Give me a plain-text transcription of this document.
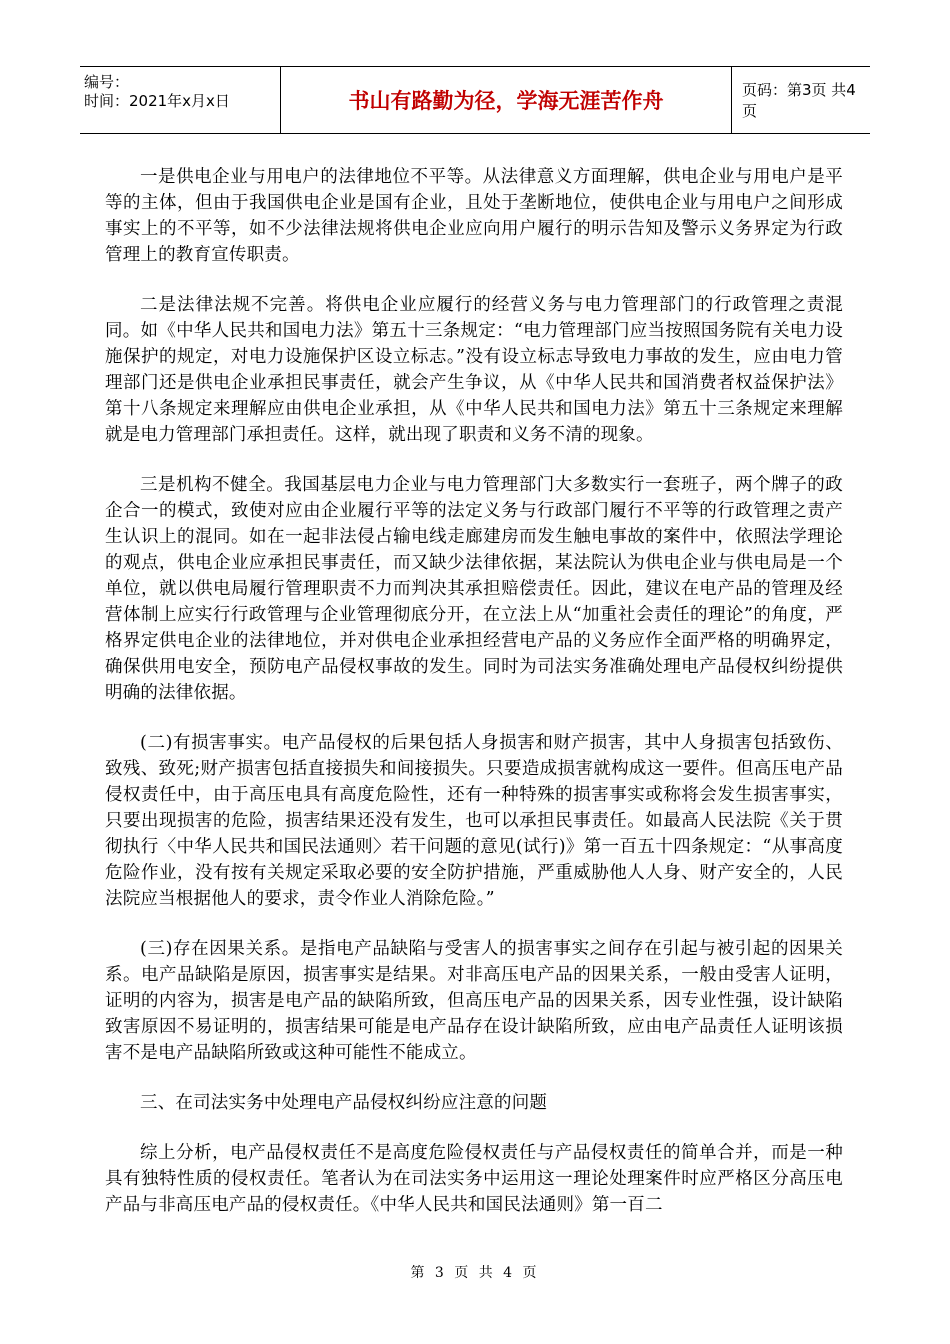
编号：
时间：2021年x月x日	书山有路勤为径，学海无涯苦作舟	页码：第3页 共4页

一是供电企业与用电户的法律地位不平等。从法律意义方面理解，供电企业与用电户是平等的主体，但由于我国供电企业是国有企业，且处于垄断地位，使供电企业与用电户之间形成事实上的不平等，如不少法律法规将供电企业应向用户履行的明示告知及警示义务界定为行政管理上的教育宣传职责。

二是法律法规不完善。将供电企业应履行的经营义务与电力管理部门的行政管理之责混同。如《中华人民共和国电力法》第五十三条规定：“电力管理部门应当按照国务院有关电力设施保护的规定，对电力设施保护区设立标志。”没有设立标志导致电力事故的发生，应由电力管理部门还是供电企业承担民事责任，就会产生争议，从《中华人民共和国消费者权益保护法》第十八条规定来理解应由供电企业承担，从《中华人民共和国电力法》第五十三条规定来理解就是电力管理部门承担责任。这样，就出现了职责和义务不清的现象。

三是机构不健全。我国基层电力企业与电力管理部门大多数实行一套班子，两个牌子的政企合一的模式，致使对应由企业履行平等的法定义务与行政部门履行不平等的行政管理之责产生认识上的混同。如在一起非法侵占输电线走廊建房而发生触电事故的案件中，依照法学理论的观点，供电企业应承担民事责任，而又缺少法律依据，某法院认为供电企业与供电局是一个单位，就以供电局履行管理职责不力而判决其承担赔偿责任。因此，建议在电产品的管理及经营体制上应实行行政管理与企业管理彻底分开，在立法上从“加重社会责任的理论”的角度，严格界定供电企业的法律地位，并对供电企业承担经营电产品的义务应作全面严格的明确界定，确保供用电安全，预防电产品侵权事故的发生。同时为司法实务准确处理电产品侵权纠纷提供明确的法律依据。

(二)有损害事实。电产品侵权的后果包括人身损害和财产损害，其中人身损害包括致伤、致残、致死;财产损害包括直接损失和间接损失。只要造成损害就构成这一要件。但高压电产品侵权责任中，由于高压电具有高度危险性，还有一种特殊的损害事实或称将会发生损害事实，只要出现损害的危险，损害结果还没有发生，也可以承担民事责任。如最高人民法院《关于贯彻执行〈中华人民共和国民法通则〉若干问题的意见(试行)》第一百五十四条规定：“从事高度危险作业，没有按有关规定采取必要的安全防护措施，严重威胁他人人身、财产安全的，人民法院应当根据他人的要求，责令作业人消除危险。”

(三)存在因果关系。是指电产品缺陷与受害人的损害事实之间存在引起与被引起的因果关系。电产品缺陷是原因，损害事实是结果。对非高压电产品的因果关系，一般由受害人证明，证明的内容为，损害是电产品的缺陷所致，但高压电产品的因果关系，因专业性强，设计缺陷致害原因不易证明的，损害结果可能是电产品存在设计缺陷所致，应由电产品责任人证明该损害不是电产品缺陷所致或这种可能性不能成立。

三、在司法实务中处理电产品侵权纠纷应注意的问题

综上分析，电产品侵权责任不是高度危险侵权责任与产品侵权责任的简单合并，而是一种具有独特性质的侵权责任。笔者认为在司法实务中运用这一理论处理案件时应严格区分高压电产品与非高压电产品的侵权责任。《中华人民共和国民法通则》第一百二

第 3 页 共 4 页
